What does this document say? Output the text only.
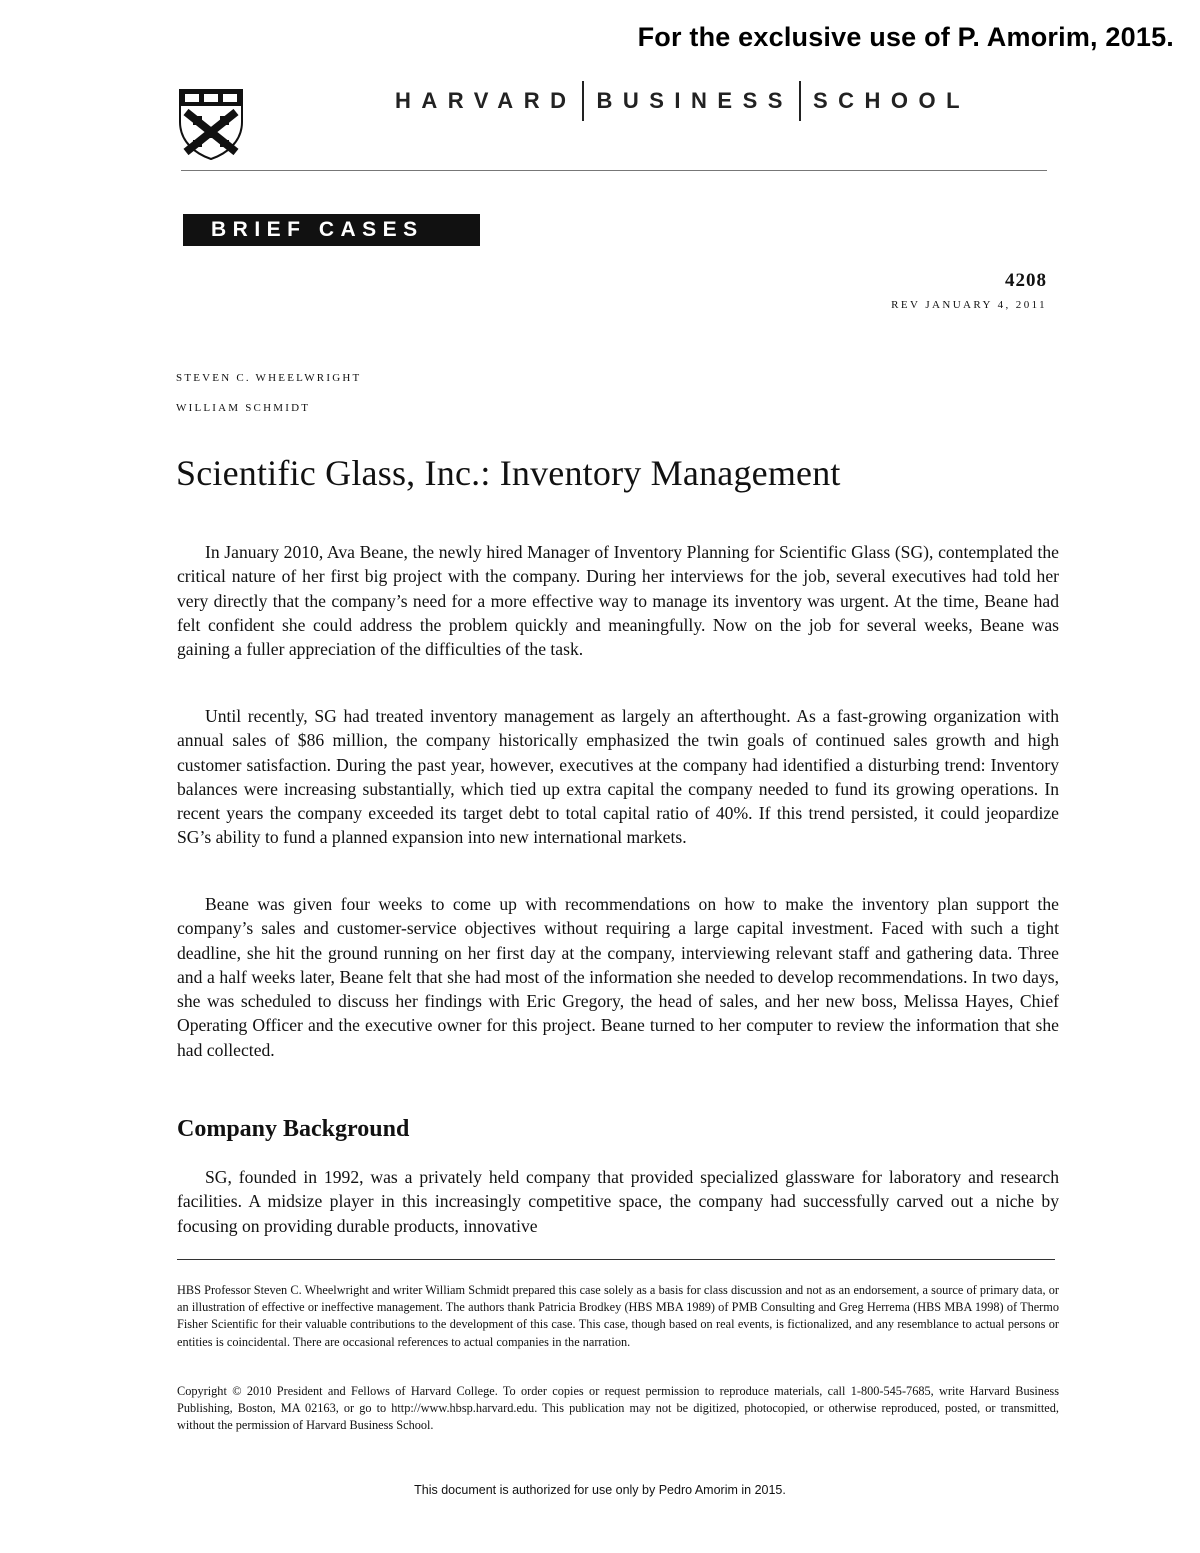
For the exclusive use of P. Amorim, 2015.
HARVARD BUSINESS SCHOOL
BRIEF CASES
4208
REV JANUARY 4, 2011
STEVEN C. WHEELWRIGHT
WILLIAM SCHMIDT
Scientific Glass, Inc.: Inventory Management

In January 2010, Ava Beane, the newly hired Manager of Inventory Planning for Scientific Glass (SG), contemplated the critical nature of her first big project with the company. During her interviews for the job, several executives had told her very directly that the company’s need for a more effective way to manage its inventory was urgent. At the time, Beane had felt confident she could address the problem quickly and meaningfully. Now on the job for several weeks, Beane was gaining a fuller appreciation of the difficulties of the task.

Until recently, SG had treated inventory management as largely an afterthought. As a fast-growing organization with annual sales of $86 million, the company historically emphasized the twin goals of continued sales growth and high customer satisfaction. During the past year, however, executives at the company had identified a disturbing trend: Inventory balances were increasing substantially, which tied up extra capital the company needed to fund its growing operations. In recent years the company exceeded its target debt to total capital ratio of 40%. If this trend persisted, it could jeopardize SG’s ability to fund a planned expansion into new international markets.

Beane was given four weeks to come up with recommendations on how to make the inventory plan support the company’s sales and customer-service objectives without requiring a large capital investment. Faced with such a tight deadline, she hit the ground running on her first day at the company, interviewing relevant staff and gathering data. Three and a half weeks later, Beane felt that she had most of the information she needed to develop recommendations. In two days, she was scheduled to discuss her findings with Eric Gregory, the head of sales, and her new boss, Melissa Hayes, Chief Operating Officer and the executive owner for this project. Beane turned to her computer to review the information that she had collected.

Company Background

SG, founded in 1992, was a privately held company that provided specialized glassware for laboratory and research facilities. A midsize player in this increasingly competitive space, the company had successfully carved out a niche by focusing on providing durable products, innovative

HBS Professor Steven C. Wheelwright and writer William Schmidt prepared this case solely as a basis for class discussion and not as an endorsement, a source of primary data, or an illustration of effective or ineffective management. The authors thank Patricia Brodkey (HBS MBA 1989) of PMB Consulting and Greg Herrema (HBS MBA 1998) of Thermo Fisher Scientific for their valuable contributions to the development of this case. This case, though based on real events, is fictionalized, and any resemblance to actual persons or entities is coincidental. There are occasional references to actual companies in the narration.

Copyright © 2010 President and Fellows of Harvard College. To order copies or request permission to reproduce materials, call 1-800-545-7685, write Harvard Business Publishing, Boston, MA 02163, or go to http://www.hbsp.harvard.edu. This publication may not be digitized, photocopied, or otherwise reproduced, posted, or transmitted, without the permission of Harvard Business School.

This document is authorized for use only by Pedro Amorim in 2015.
